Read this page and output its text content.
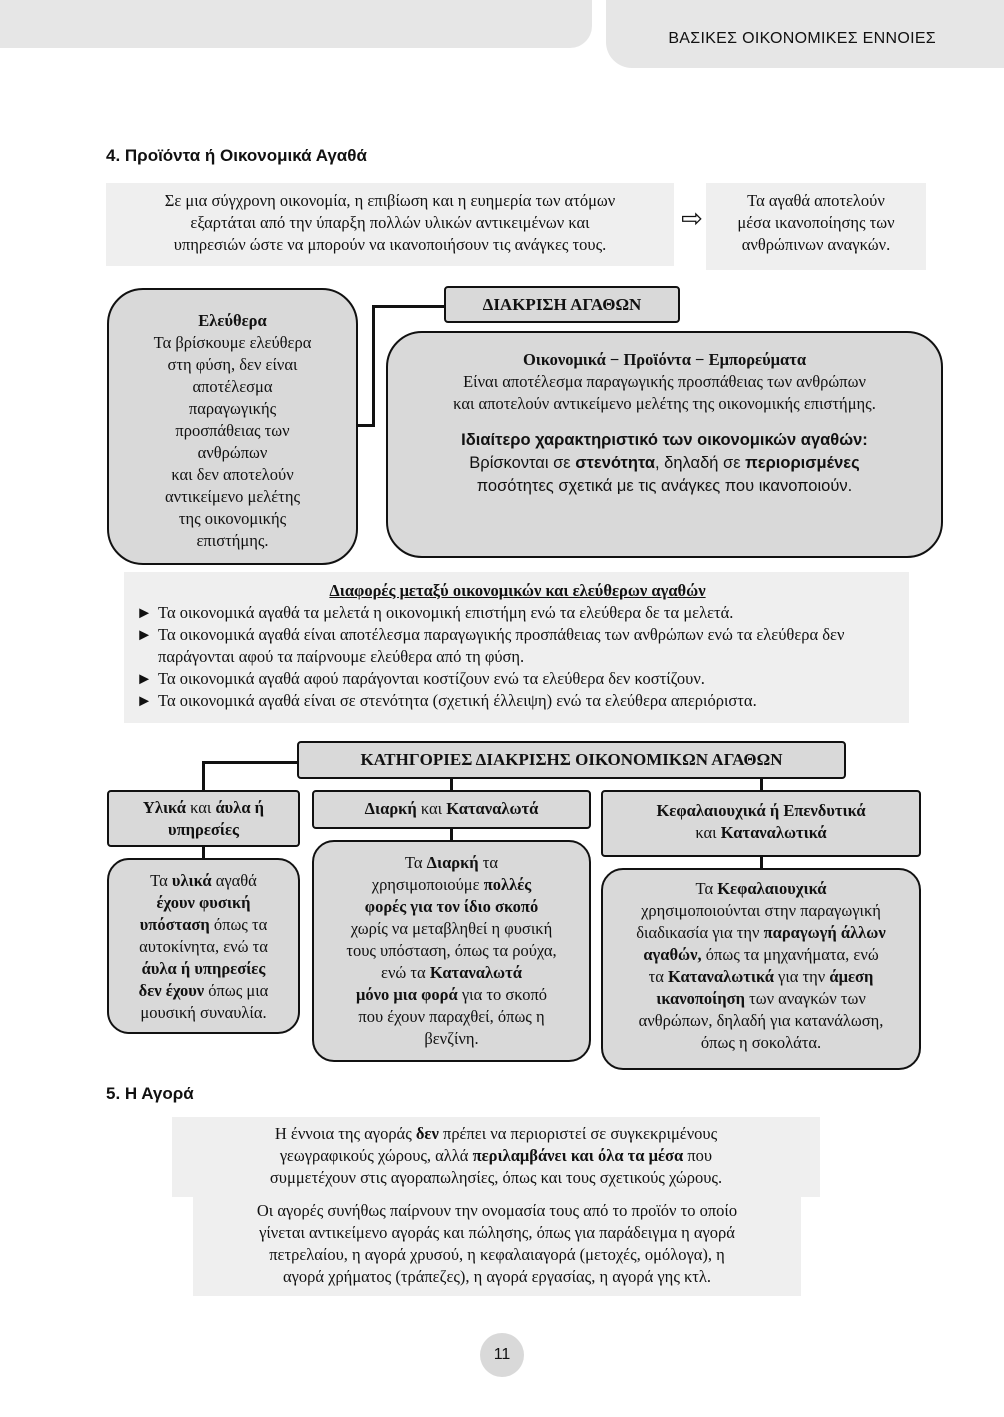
ΒΑΣΙΚΕΣ ΟΙΚΟΝΟΜΙΚΕΣ ΕΝΝΟΙΕΣ
4. Προϊόντα ή Οικονομικά Αγαθά

Σε μια σύγχρονη οικονομία, η επιβίωση και η ευημερία των ατόμων

εξαρτάται από την ύπαρξη πολλών υλικών αντικειμένων και

υπηρεσιών ώστε να μπορούν να ικανοποιήσουν τις ανάγκες τους.

⇨

Τα αγαθά αποτελούν

μέσα ικανοποίησης των

ανθρώπινων αναγκών.

ΔΙΑΚΡΙΣΗ ΑΓΑΘΩΝ

Ελεύθερα

Τα βρίσκουμε ελεύθερα

στη φύση, δεν είναι

αποτέλεσμα

παραγωγικής

προσπάθειας των

ανθρώπων

και δεν αποτελούν

αντικείμενο μελέτης

της οικονομικής

επιστήμης.

Οικονομικά − Προϊόντα − Εμπορεύματα

Είναι αποτέλεσμα παραγωγικής προσπάθειας των ανθρώπων

και αποτελούν αντικείμενο μελέτης της οικονομικής επιστήμης.

Ιδιαίτερο χαρακτηριστικό των οικονομικών αγαθών:

Βρίσκονται σε στενότητα, δηλαδή σε περιορισμένες

ποσότητες σχετικά με τις ανάγκες που ικανοποιούν.

Διαφορές μεταξύ οικονομικών και ελεύθερων αγαθών

► Τα οικονομικά αγαθά τα μελετά η οικονομική επιστήμη ενώ τα ελεύθερα δε τα μελετά.
► Τα οικονομικά αγαθά είναι αποτέλεσμα παραγωγικής προσπάθειας των ανθρώπων ενώ τα ελεύθερα δεν παράγονται αφού τα παίρνουμε ελεύθερα από τη φύση.
► Τα οικονομικά αγαθά αφού παράγονται κοστίζουν ενώ τα ελεύθερα δεν κοστίζουν.
► Τα οικονομικά αγαθά είναι σε στενότητα (σχετική έλλειψη) ενώ τα ελεύθερα απεριόριστα.
ΚΑΤΗΓΟΡΙΕΣ ΔΙΑΚΡΙΣΗΣ ΟΙΚΟΝΟΜΙΚΩΝ ΑΓΑΘΩΝ

Υλικά και άυλα ή

υπηρεσίες

Διαρκή και Καταναλωτά	Κεφαλαιουχικά ή Επενδυτικά

και Καταναλωτικά

Τα υλικά αγαθά

έχουν φυσική

υπόσταση όπως τα

αυτοκίνητα, ενώ τα

άυλα ή υπηρεσίες

δεν έχουν όπως μια

μουσική συναυλία.

Τα Διαρκή τα

χρησιμοποιούμε πολλές

φορές για τον ίδιο σκοπό

χωρίς να μεταβληθεί η φυσική

τους υπόσταση, όπως τα ρούχα,

ενώ τα Καταναλωτά

μόνο μια φορά για το σκοπό

που έχουν παραχθεί, όπως η

βενζίνη.

Τα Κεφαλαιουχικά

χρησιμοποιούνται στην παραγωγική

διαδικασία για την παραγωγή άλλων

αγαθών, όπως τα μηχανήματα, ενώ

τα Καταναλωτικά για την άμεση

ικανοποίηση των αναγκών των

ανθρώπων, δηλαδή για κατανάλωση,

όπως η σοκολάτα.

5. Η Αγορά

Η έννοια της αγοράς δεν πρέπει να περιοριστεί σε συγκεκριμένους

γεωγραφικούς χώρους, αλλά περιλαμβάνει και όλα τα μέσα που

συμμετέχουν στις αγοραπωλησίες, όπως και τους σχετικούς χώρους.

Οι αγορές συνήθως παίρνουν την ονομασία τους από το προϊόν το οποίο

γίνεται αντικείμενο αγοράς και πώλησης, όπως για παράδειγμα η αγορά

πετρελαίου, η αγορά χρυσού, η κεφαλαιαγορά (μετοχές, ομόλογα), η

αγορά χρήματος (τράπεζες), η αγορά εργασίας, η αγορά γης κτλ.

11
